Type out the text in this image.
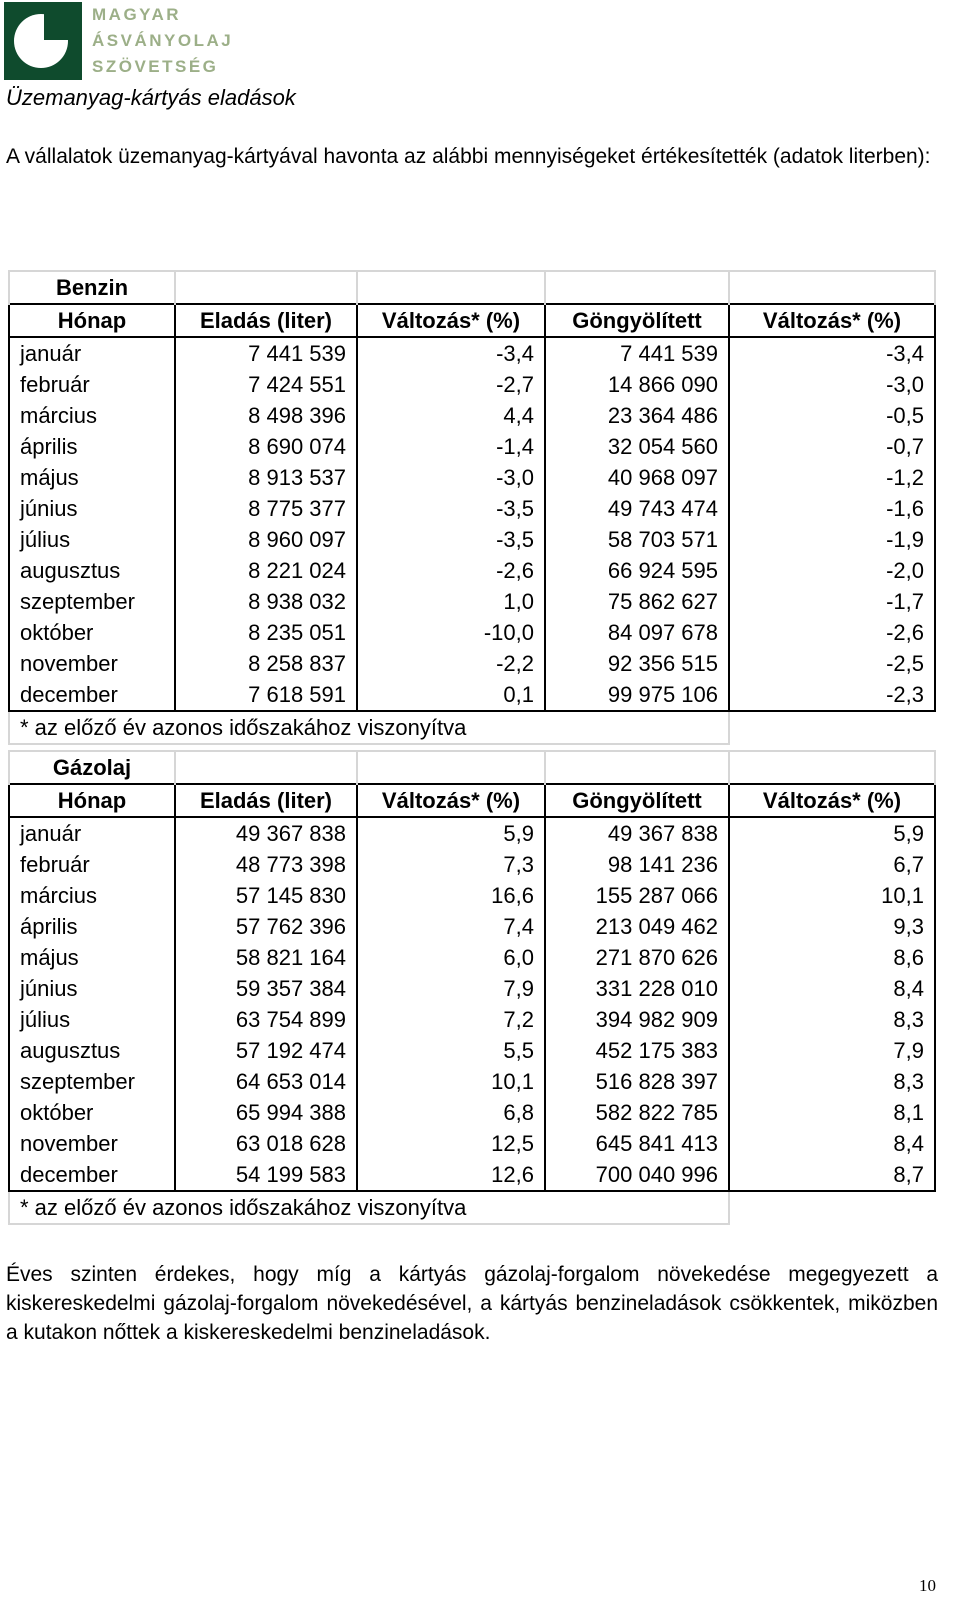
MAGYAR
ÁSVÁNYOLAJ
SZÖVETSÉG
Üzemanyag-kártyás eladások
A vállalatok üzemanyag-kártyával havonta az alábbi mennyiségeket értékesítették (adatok literben):
Benzin				
Hónap	Eladás (liter)	Változás* (%)	Göngyölített	Változás* (%)
január	7 441 539	-3,4	7 441 539	-3,4
február	7 424 551	-2,7	14 866 090	-3,0
március	8 498 396	4,4	23 364 486	-0,5
április	8 690 074	-1,4	32 054 560	-0,7
május	8 913 537	-3,0	40 968 097	-1,2
június	8 775 377	-3,5	49 743 474	-1,6
július	8 960 097	-3,5	58 703 571	-1,9
augusztus	8 221 024	-2,6	66 924 595	-2,0
szeptember	8 938 032	1,0	75 862 627	-1,7
október	8 235 051	-10,0	84 097 678	-2,6
november	8 258 837	-2,2	92 356 515	-2,5
december	7 618 591	0,1	99 975 106	-2,3
* az előző év azonos időszakához viszonyítva				
Gázolaj				
Hónap	Eladás (liter)	Változás* (%)	Göngyölített	Változás* (%)
január	49 367 838	5,9	49 367 838	5,9
február	48 773 398	7,3	98 141 236	6,7
március	57 145 830	16,6	155 287 066	10,1
április	57 762 396	7,4	213 049 462	9,3
május	58 821 164	6,0	271 870 626	8,6
június	59 357 384	7,9	331 228 010	8,4
július	63 754 899	7,2	394 982 909	8,3
augusztus	57 192 474	5,5	452 175 383	7,9
szeptember	64 653 014	10,1	516 828 397	8,3
október	65 994 388	6,8	582 822 785	8,1
november	63 018 628	12,5	645 841 413	8,4
december	54 199 583	12,6	700 040 996	8,7
* az előző év azonos időszakához viszonyítva				
Éves szinten érdekes, hogy míg a kártyás gázolaj-forgalom növekedése megegyezett a kiskereskedelmi gázolaj-forgalom növekedésével, a kártyás benzineladások csökkentek, miközben a kutakon nőttek a kiskereskedelmi benzineladások.
10
